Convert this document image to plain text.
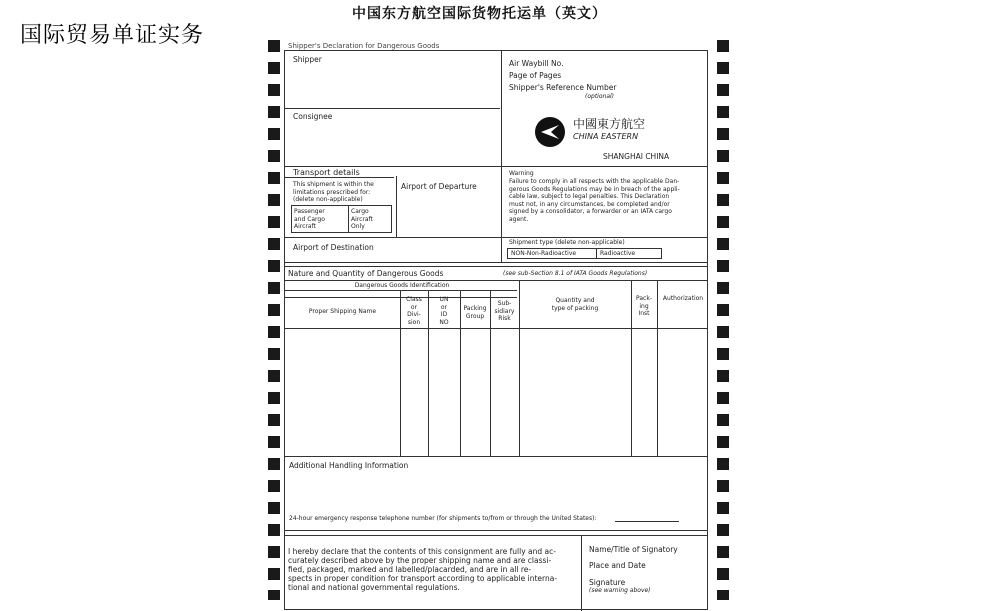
国际贸易单证实务
中国东方航空国际货物托运单（英文）
Shipper's Declaration for Dangerous Goods
Shipper
Consignee
Air Waybill No.
Page of Pages
Shipper's Reference Number
(optional)
中國東方航空
CHINA EASTERN
SHANGHAI CHINA
Transport details
This shipment is within the
limitations prescribed for:
(delete non-applicable)
Passenger
and Cargo
Aircraft
Cargo
Aircraft
Only
Airport of Departure
Warning
Failure to comply in all respects with the applicable Dan-
gerous Goods Regulations may be in breach of the appli-
cable law, subject to legal penalties. This Declaration
must not, in any circumstances, be completed and/or
signed by a consolidator, a forwarder or an IATA cargo
agent.
Airport of Destination
Shipment type (delete non-applicable)
NON-Non-Radioactive	Radioactive
Nature and Quantity of Dangerous Goods	(see sub-Section 8.1 of IATA Goods Regulations)
Dangerous Goods Identification
Proper Shipping Name
Class
or
Divi-
sion
UN
or
ID
NO
Packing
Group
Sub-
sidiary
Risk
Quantity and
type of packing
Pack-
ing
Inst
Authorization
Additional Handling Information
24-hour emergency response telephone number (for shipments to/from or through the United States):
I hereby declare that the contents of this consignment are fully and ac-
curately described above by the proper shipping name and are classi-
fied, packaged, marked and labelled/placarded, and are in all re-
spects in proper condition for transport according to applicable interna-
tional and national governmental regulations.
Name/Title of Signatory
Place and Date
Signature
(see warning above)
